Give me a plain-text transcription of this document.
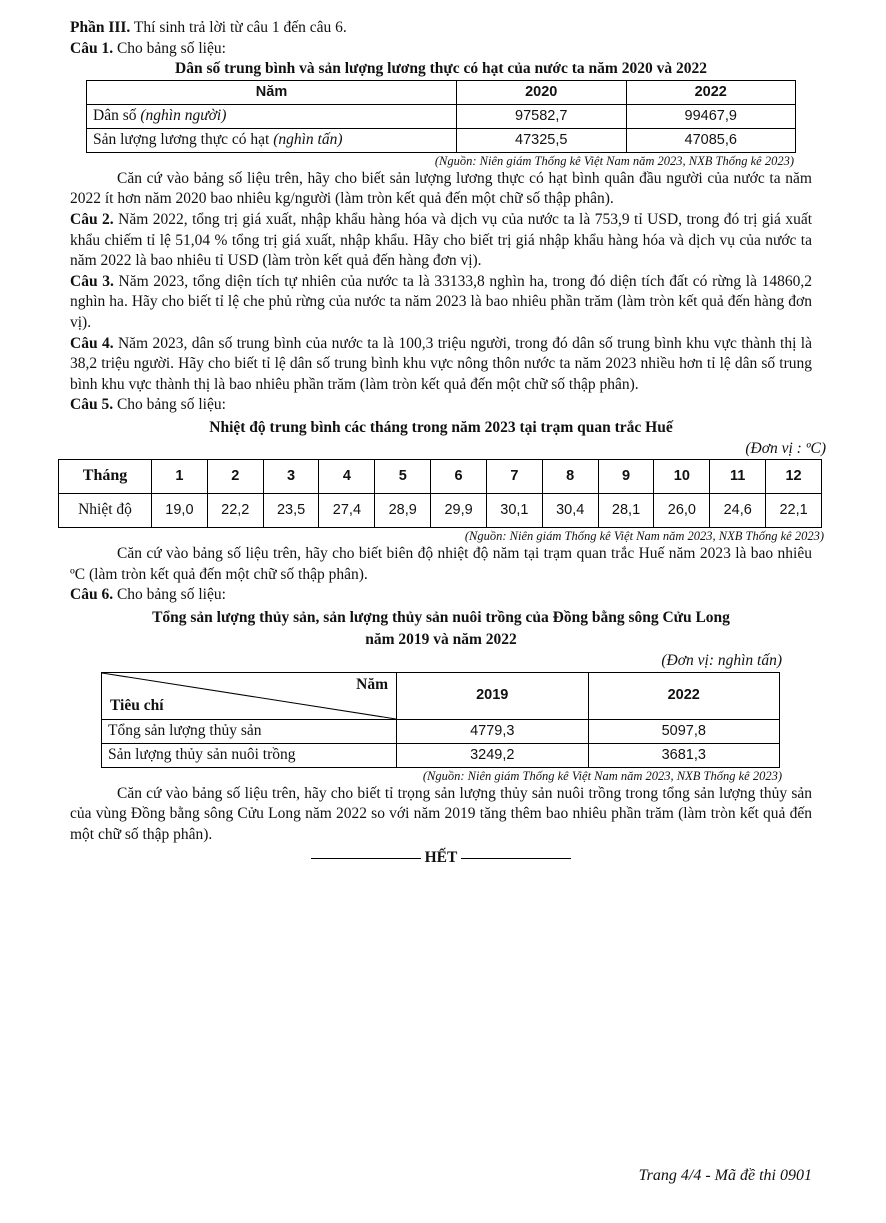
Phần III. Thí sinh trả lời từ câu 1 đến câu 6.

Câu 1. Cho bảng số liệu:

Dân số trung bình và sản lượng lương thực có hạt của nước ta năm 2020 và 2022

Năm	2020	2022
Dân số (nghìn người)	97582,7	99467,9
Sản lượng lương thực có hạt (nghìn tấn)	47325,5	47085,6

(Nguồn: Niên giám Thống kê Việt Nam năm 2023, NXB Thống kê 2023)

Căn cứ vào bảng số liệu trên, hãy cho biết sản lượng lương thực có hạt bình quân đầu người của nước ta năm 2022 ít hơn năm 2020 bao nhiêu kg/người (làm tròn kết quả đến một chữ số thập phân).

Câu 2. Năm 2022, tổng trị giá xuất, nhập khẩu hàng hóa và dịch vụ của nước ta là 753,9 tỉ USD, trong đó trị giá xuất khẩu chiếm tỉ lệ 51,04 % tổng trị giá xuất, nhập khẩu. Hãy cho biết trị giá nhập khẩu hàng hóa và dịch vụ của nước ta năm 2022 là bao nhiêu tỉ USD (làm tròn kết quả đến hàng đơn vị).

Câu 3. Năm 2023, tổng diện tích tự nhiên của nước ta là 33133,8 nghìn ha, trong đó diện tích đất có rừng là 14860,2 nghìn ha. Hãy cho biết tỉ lệ che phủ rừng của nước ta năm 2023 là bao nhiêu phần trăm (làm tròn kết quả đến hàng đơn vị).

Câu 4. Năm 2023, dân số trung bình của nước ta là 100,3 triệu người, trong đó dân số trung bình khu vực thành thị là 38,2 triệu người. Hãy cho biết tỉ lệ dân số trung bình khu vực nông thôn nước ta năm 2023 nhiều hơn tỉ lệ dân số trung bình khu vực thành thị là bao nhiêu phần trăm (làm tròn kết quả đến một chữ số thập phân).

Câu 5. Cho bảng số liệu:

Nhiệt độ trung bình các tháng trong năm 2023 tại trạm quan trắc Huế

(Đơn vị : ºC)

Tháng	1	2	3	4	5	6	7	8	9	10	11	12
Nhiệt độ	19,0	22,2	23,5	27,4	28,9	29,9	30,1	30,4	28,1	26,0	24,6	22,1

(Nguồn: Niên giám Thống kê Việt Nam năm 2023, NXB Thống kê 2023)

Căn cứ vào bảng số liệu trên, hãy cho biết biên độ nhiệt độ năm tại trạm quan trắc Huế năm 2023 là bao nhiêu ºC (làm tròn kết quả đến một chữ số thập phân).

Câu 6. Cho bảng số liệu:

Tổng sản lượng thủy sản, sản lượng thủy sản nuôi trồng của Đồng bằng sông Cửu Long

năm 2019 và năm 2022

(Đơn vị: nghìn tấn)

Năm
Tiêu chí	2019	2022
Tổng sản lượng thủy sản	4779,3	5097,8
Sản lượng thủy sản nuôi trồng	3249,2	3681,3

(Nguồn: Niên giám Thống kê Việt Nam năm 2023, NXB Thống kê 2023)

Căn cứ vào bảng số liệu trên, hãy cho biết tỉ trọng sản lượng thủy sản nuôi trồng trong tổng sản lượng thủy sản của vùng Đồng bằng sông Cửu Long năm 2022 so với năm 2019 tăng thêm bao nhiêu phần trăm (làm tròn kết quả đến một chữ số thập phân).

HẾT

Trang 4/4 - Mã đề thi 0901
